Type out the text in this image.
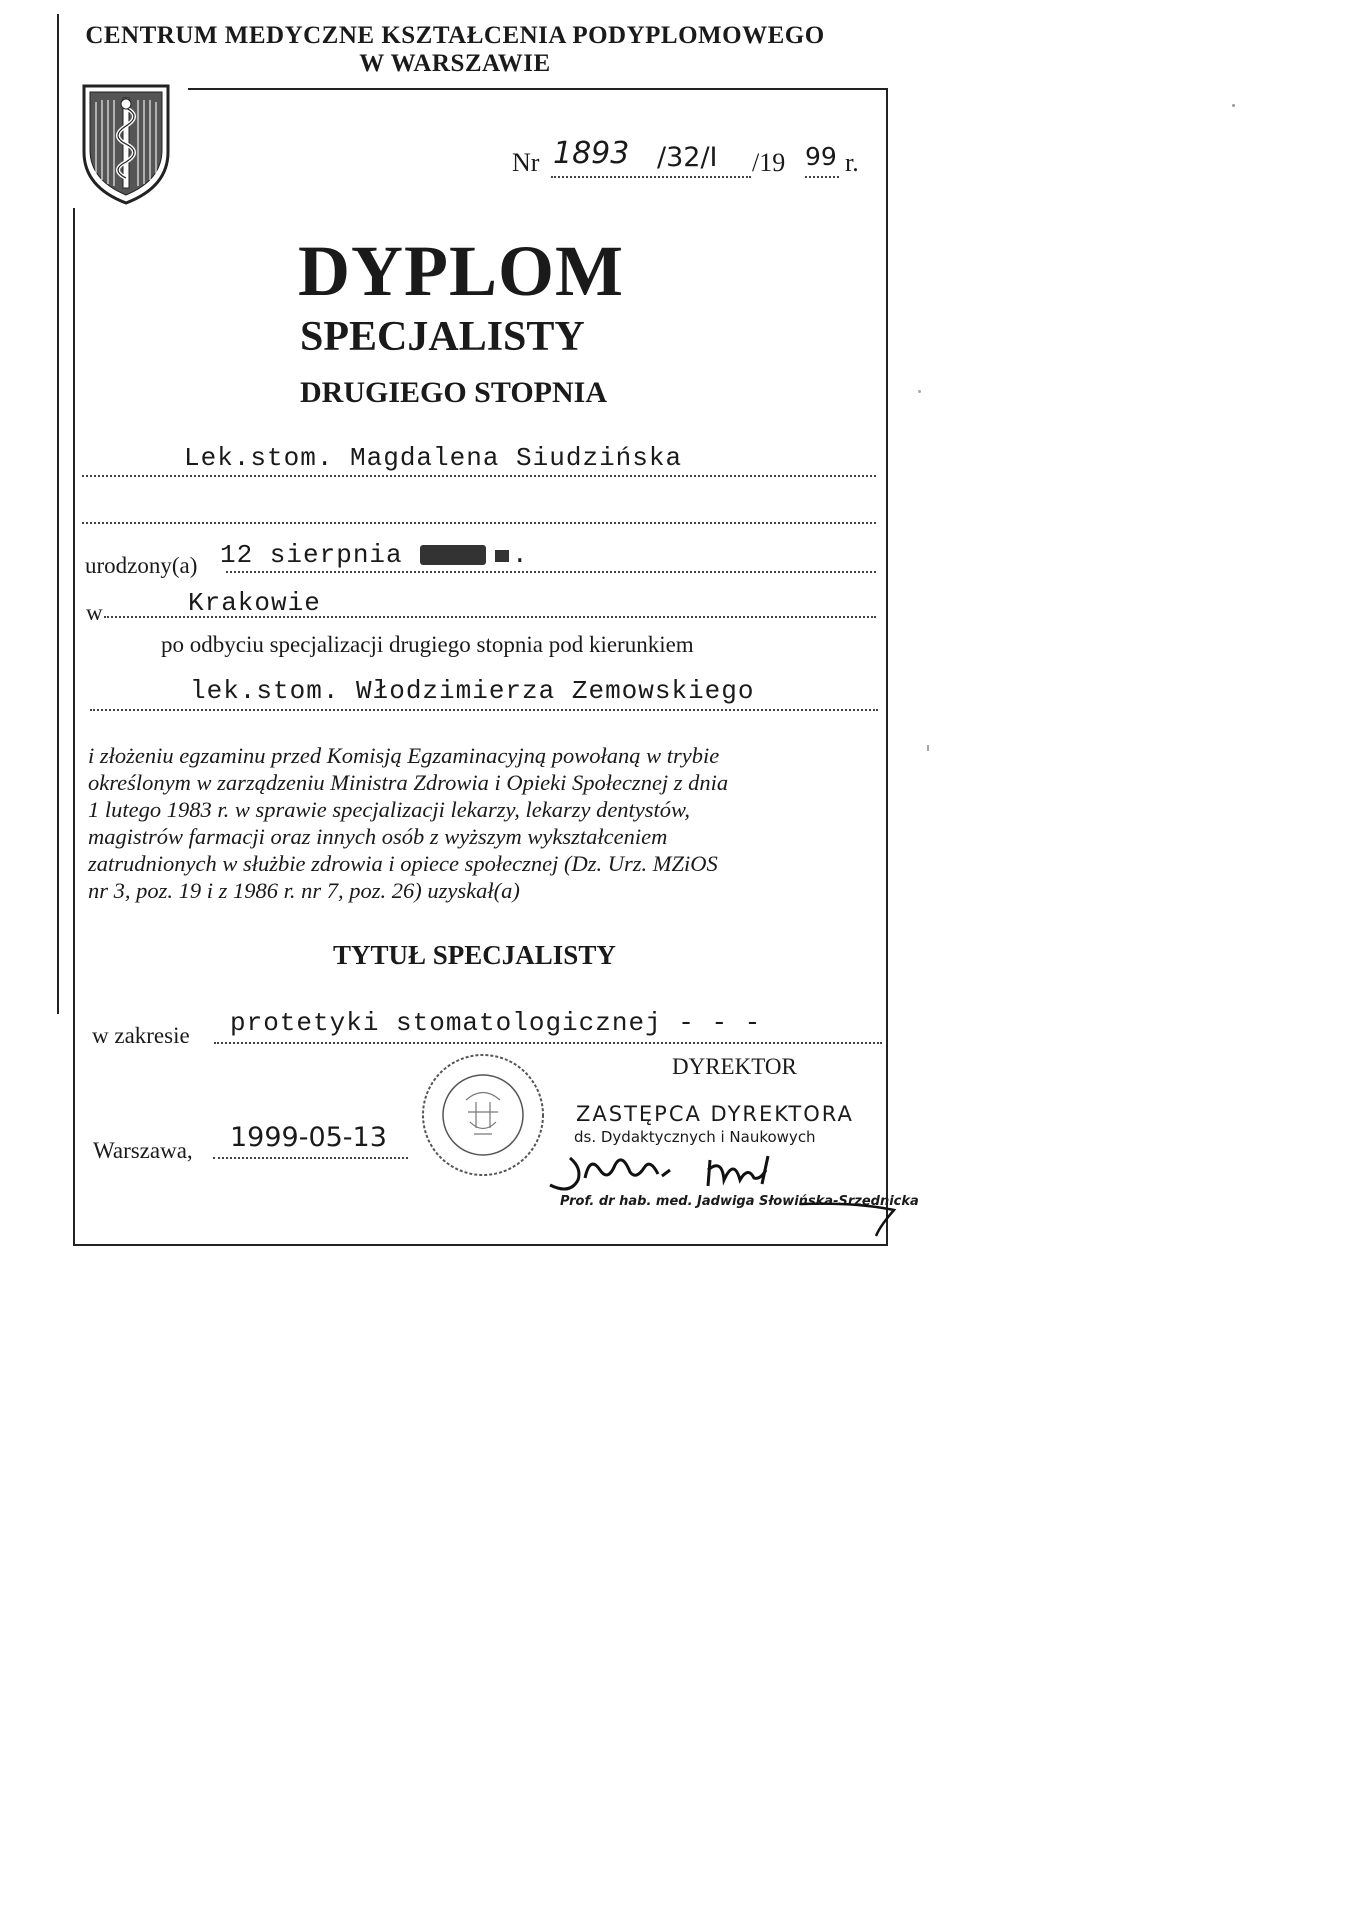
CENTRUM MEDYCZNE KSZTAŁCENIA PODYPLOMOWEGO
W WARSZAWIE
Nr 1893 /32/I /19 99 r.
DYPLOM
SPECJALISTY
DRUGIEGO STOPNIA
Lek.stom. Magdalena Siudzińska
urodzony(a) 12 sierpnia	.
w	Krakowie
po odbyciu specjalizacji drugiego stopnia pod kierunkiem
lek.stom. Włodzimierza Zemowskiego
i złożeniu egzaminu przed Komisją Egzaminacyjną powołaną w trybie
określonym w zarządzeniu Ministra Zdrowia i Opieki Społecznej z dnia
1 lutego 1983 r. w sprawie specjalizacji lekarzy, lekarzy dentystów,
magistrów farmacji oraz innych osób z wyższym wykształceniem
zatrudnionych w służbie zdrowia i opiece społecznej (Dz. Urz. MZiOS
nr 3, poz. 19 i z 1986 r. nr 7, poz. 26) uzyskał(a)
TYTUŁ SPECJALISTY
w zakresie protetyki stomatologicznej - - -
DYREKTOR
Warszawa, 1999-05-13
ZASTĘPCA DYREKTORA
ds. Dydaktycznych i Naukowych
Prof. dr hab. med. Jadwiga Słowińska-Srzednicka
